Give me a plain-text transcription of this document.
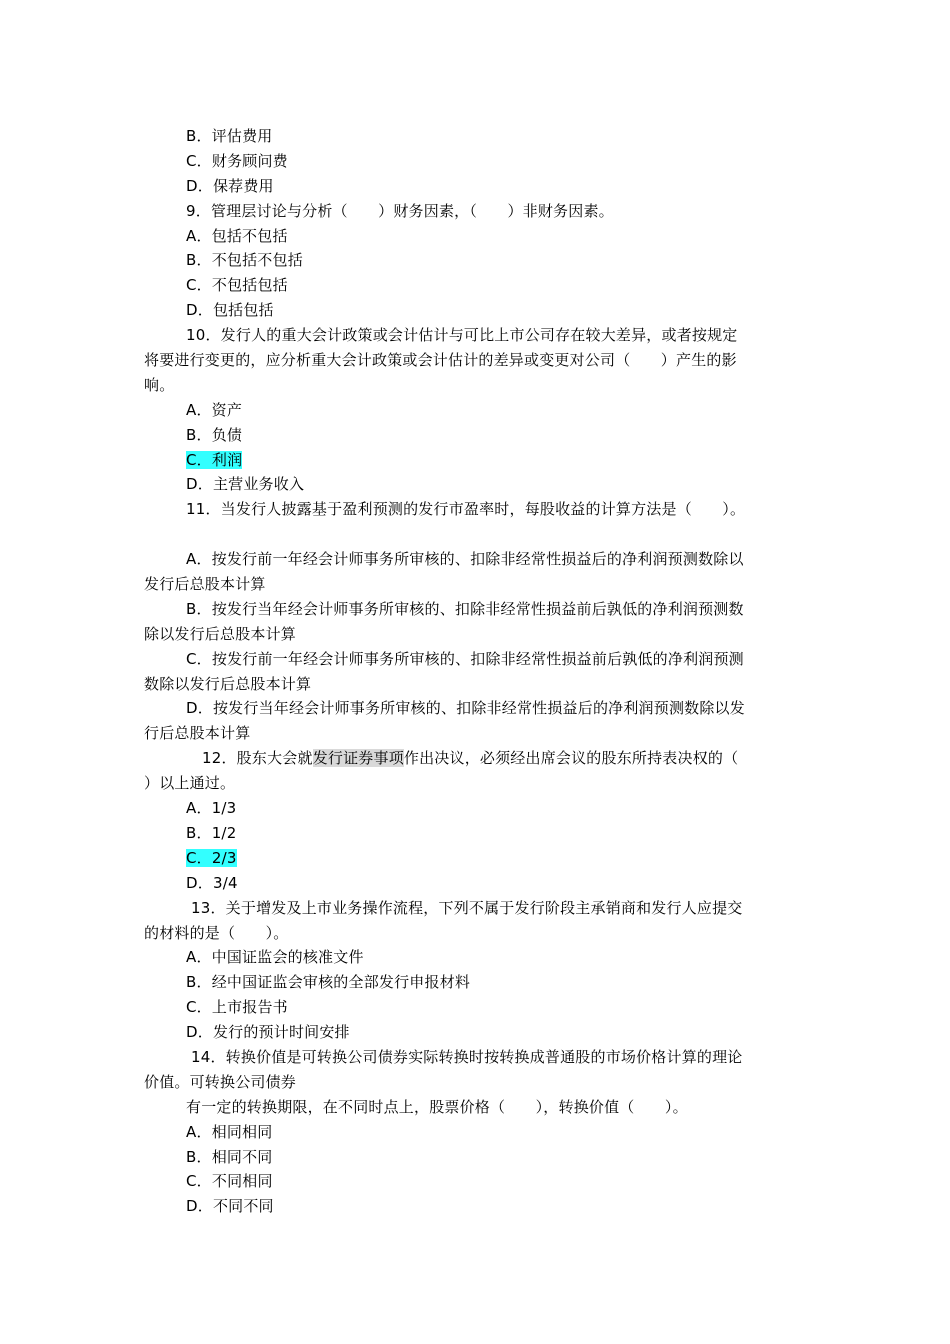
B．评估费用
C．财务顾问费
D．保荐费用
9．管理层讨论与分析（　　）财务因素，（　　）非财务因素。
A．包括不包括
B．不包括不包括
C．不包括包括
D．包括包括
10．发行人的重大会计政策或会计估计与可比上市公司存在较大差异，或者按规定
将要进行变更的，应分析重大会计政策或会计估计的差异或变更对公司（　　）产生的影
响。
A．资产
B．负债
C．利润
D．主营业务收入
11．当发行人披露基于盈利预测的发行市盈率时，每股收益的计算方法是（　　）。
A．按发行前一年经会计师事务所审核的、扣除非经常性损益后的净利润预测数除以
发行后总股本计算
B．按发行当年经会计师事务所审核的、扣除非经常性损益前后孰低的净利润预测数
除以发行后总股本计算
C．按发行前一年经会计师事务所审核的、扣除非经常性损益前后孰低的净利润预测
数除以发行后总股本计算
D．按发行当年经会计师事务所审核的、扣除非经常性损益后的净利润预测数除以发
行后总股本计算
12．股东大会就发行证券事项作出决议，必须经出席会议的股东所持表决权的（
）以上通过。
A．1/3
B．1/2
C．2/3
D．3/4
13．关于增发及上市业务操作流程，下列不属于发行阶段主承销商和发行人应提交
的材料的是（　　）。
A．中国证监会的核准文件
B．经中国证监会审核的全部发行申报材料
C．上市报告书
D．发行的预计时间安排
14．转换价值是可转换公司债券实际转换时按转换成普通股的市场价格计算的理论
价值。可转换公司债券
有一定的转换期限，在不同时点上，股票价格（　　），转换价值（　　）。
A．相同相同
B．相同不同
C．不同相同
D．不同不同
